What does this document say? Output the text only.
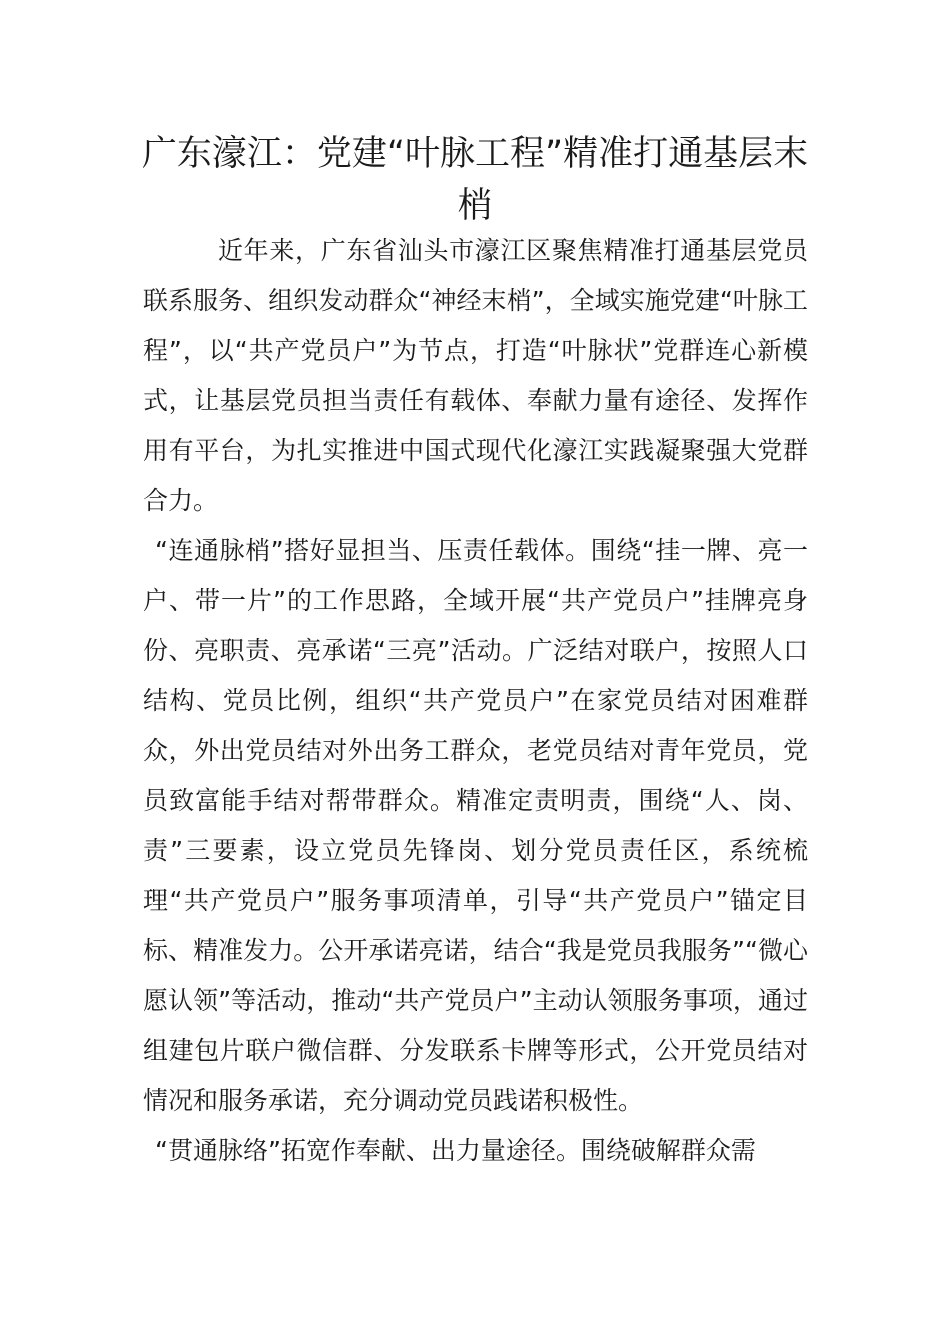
广东濠江：党建“叶脉工程”精准打通基层末梢

近年来，广东省汕头市濠江区聚焦精准打通基层党员联系服务、组织发动群众“神经末梢”，全域实施党建“叶脉工程”，以“共产党员户”为节点，打造“叶脉状”党群连心新模式，让基层党员担当责任有载体、奉献力量有途径、发挥作用有平台，为扎实推进中国式现代化濠江实践凝聚强大党群合力。

“连通脉梢”搭好显担当、压责任载体。围绕“挂一牌、亮一户、带一片”的工作思路，全域开展“共产党员户”挂牌亮身份、亮职责、亮承诺“三亮”活动。广泛结对联户，按照人口结构、党员比例，组织“共产党员户”在家党员结对困难群众，外出党员结对外出务工群众，老党员结对青年党员，党员致富能手结对帮带群众。精准定责明责，围绕“人、岗、责”三要素，设立党员先锋岗、划分党员责任区，系统梳理“共产党员户”服务事项清单，引导“共产党员户”锚定目标、精准发力。公开承诺亮诺，结合“我是党员我服务”“微心愿认领”等活动，推动“共产党员户”主动认领服务事项，通过组建包片联户微信群、分发联系卡牌等形式，公开党员结对情况和服务承诺，充分调动党员践诺积极性。

“贯通脉络”拓宽作奉献、出力量途径。围绕破解群众需
